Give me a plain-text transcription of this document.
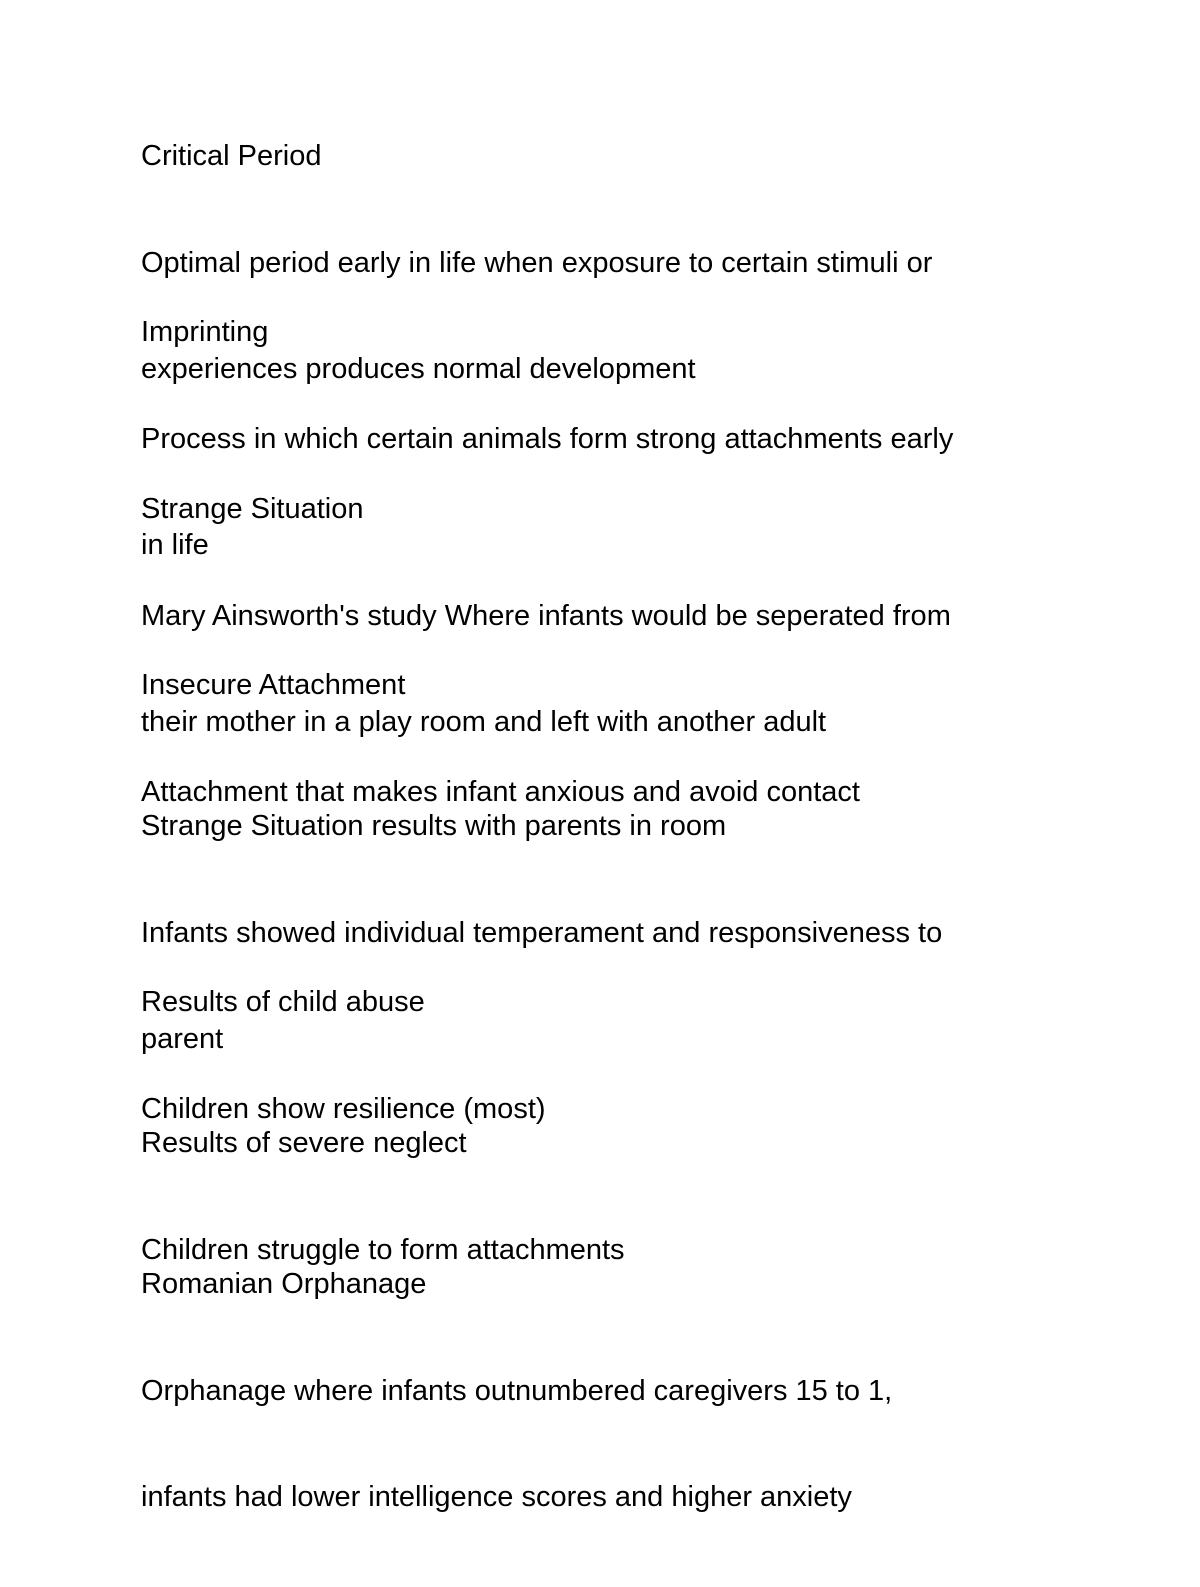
Critical Period

Optimal period early in life when exposure to certain stimuli or

experiences produces normal development

Imprinting

Process in which certain animals form strong attachments early

in life

Strange Situation

Mary Ainsworth's study Where infants would be seperated from

their mother in a play room and left with another adult

Insecure Attachment

Attachment that makes infant anxious and avoid contact

Strange Situation results with parents in room

Infants showed individual temperament and responsiveness to

parent

Results of child abuse

Children show resilience (most)

Results of severe neglect

Children struggle to form attachments

Romanian Orphanage

Orphanage where infants outnumbered caregivers 15 to 1,

infants had lower intelligence scores and higher anxiety
